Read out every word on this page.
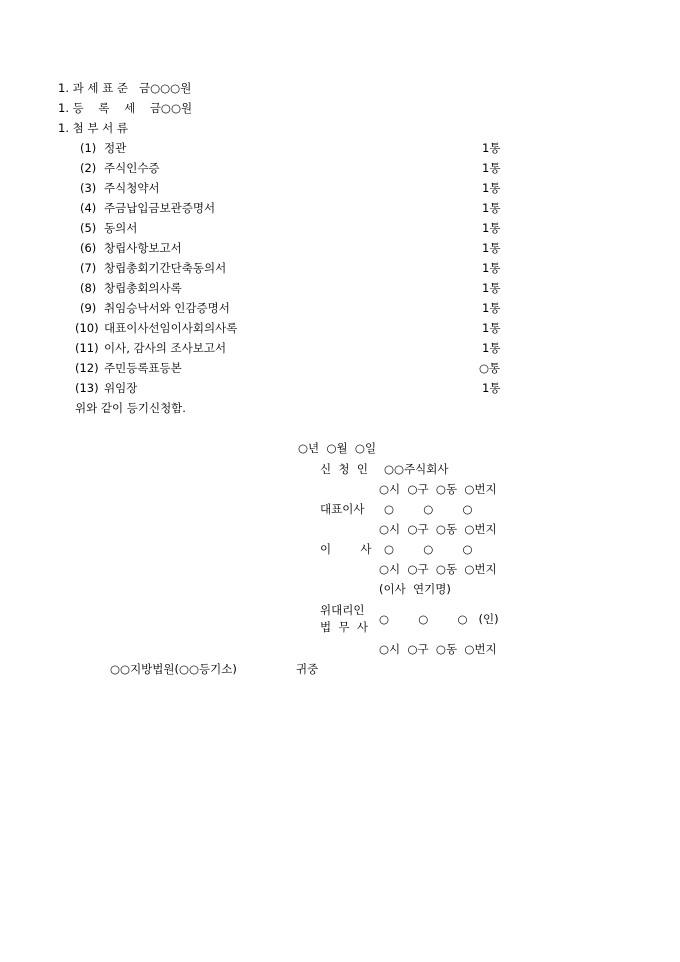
1. 과 세 표 준   금○○○원
1. 등    록    세    금○○원
1. 첨 부 서 류
(1) 정관	1통
(2) 주식인수증	1통
(3) 주식청약서	1통
(4) 주금납입금보관증명서	1통
(5) 동의서	1통
(6) 창립사항보고서	1통
(7) 창립총회기간단축동의서	1통
(8) 창립총회의사록	1통
(9) 취임승낙서와 인감증명서	1통
(10) 대표이사선임이사회의사록	1통
(11) 이사, 감사의 조사보고서	1통
(12) 주민등록표등본	○통
(13) 위임장	1통
위와 같이 등기신청함.
○년  ○월  ○일
신  청  인 ○○주식회사
○시  ○구  ○동  ○번지
대표이사 ○        ○        ○
○시  ○구  ○동  ○번지
이        사 ○        ○        ○
○시  ○구  ○동  ○번지
(이사  연기명)
위대리인
법  무  사
○        ○        ○   (인)
○시  ○구  ○동  ○번지
○○지방법원(○○등기소)	귀중
